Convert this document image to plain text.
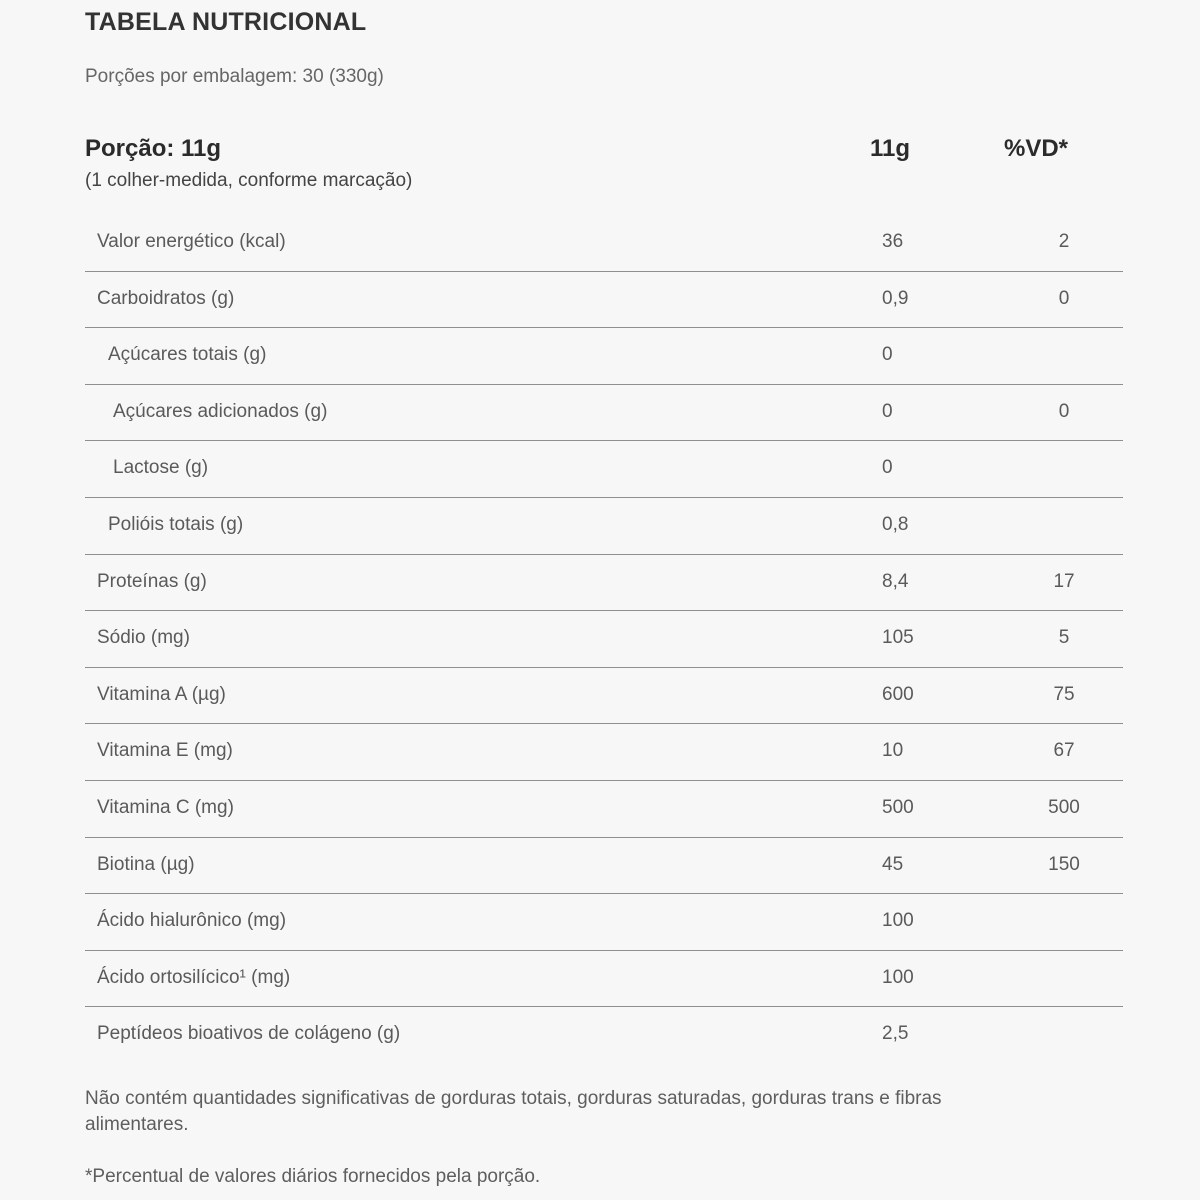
TABELA NUTRICIONAL
Porções por embalagem: 30 (330g)
Porção: 11g
(1 colher-medida, conforme marcação)
11g	%VD*
Valor energético (kcal)	36	2
Carboidratos (g)	0,9	0
Açúcares totais (g)	0
Açúcares adicionados (g)	0	0
Lactose (g)	0
Polióis totais (g)	0,8
Proteínas (g)	8,4	17
Sódio (mg)	105	5
Vitamina A (µg)	600	75
Vitamina E (mg)	10	67
Vitamina C (mg)	500	500
Biotina (µg)	45	150
Ácido hialurônico (mg)	100
Ácido ortosilícico¹ (mg)	100
Peptídeos bioativos de colágeno (g)	2,5
Não contém quantidades significativas de gorduras totais, gorduras saturadas, gorduras trans e fibras alimentares.
*Percentual de valores diários fornecidos pela porção.
